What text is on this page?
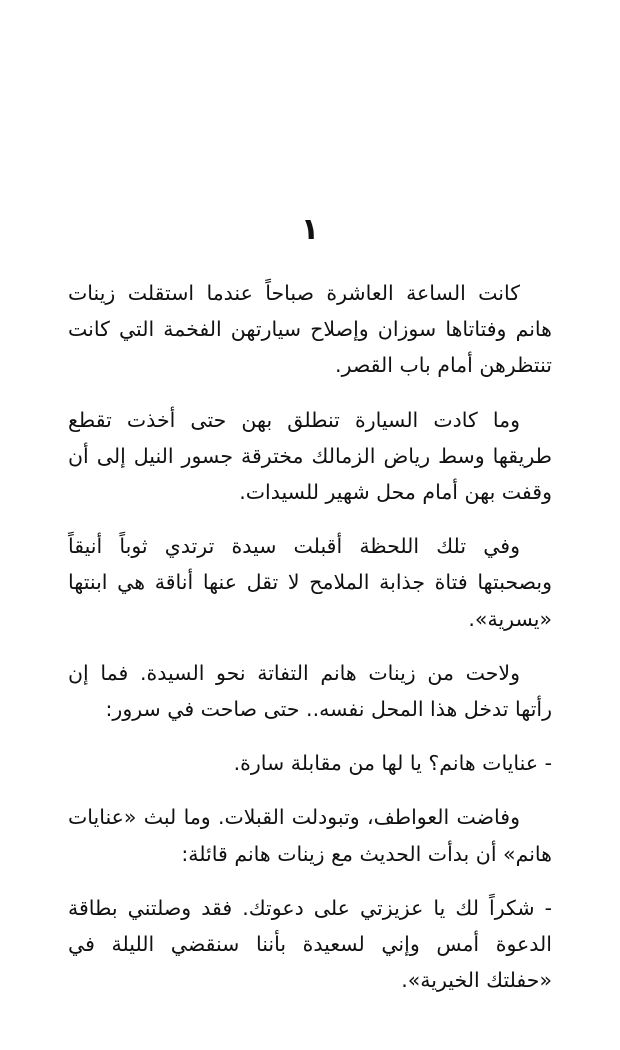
١

كانت الساعة العاشرة صباحاً عندما استقلت زينات هانم وفتاتاها سوزان وإصلاح سيارتهن الفخمة التي كانت تنتظرهن أمام باب القصر.

وما كادت السيارة تنطلق بهن حتى أخذت تقطع طريقها وسط رياض الزمالك مخترقة جسور النيل إلى أن وقفت بهن أمام محل شهير للسيدات.

وفي تلك اللحظة أقبلت سيدة ترتدي ثوباً أنيقاً وبصحبتها فتاة جذابة الملامح لا تقل عنها أناقة هي ابنتها «يسرية».

ولاحت من زينات هانم التفاتة نحو السيدة. فما إن رأتها تدخل هذا المحل نفسه.. حتى صاحت في سرور:

- عنايات هانم؟ يا لها من مقابلة سارة.

وفاضت العواطف، وتبودلت القبلات. وما لبث «عنايات هانم» أن بدأت الحديث مع زينات هانم قائلة:

- شكراً لك يا عزيزتي على دعوتك. فقد وصلتني بطاقة الدعوة أمس وإني لسعيدة بأننا سنقضي الليلة في «حفلتك الخيرية».
